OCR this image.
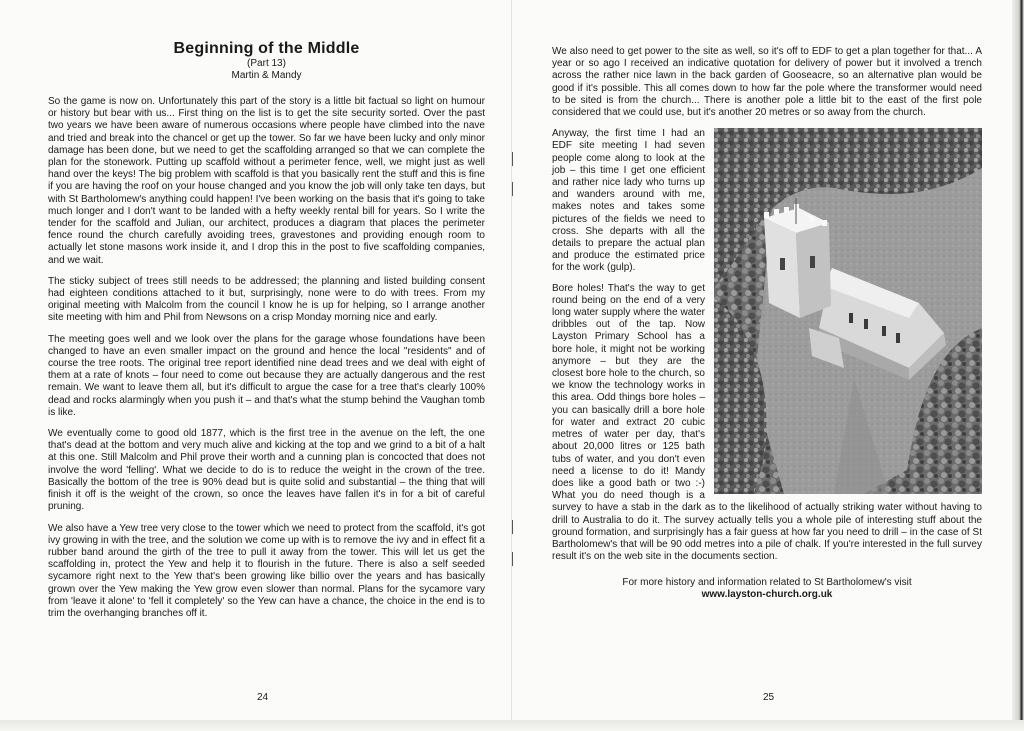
Beginning of the Middle
(Part 13)
Martin & Mandy

So the game is now on. Unfortunately this part of the story is a little bit factual so light on humour or history but bear with us... First thing on the list is to get the site security sorted. Over the past two years we have been aware of numerous occasions where people have climbed into the nave and tried and break into the chancel or get up the tower. So far we have been lucky and only minor damage has been done, but we need to get the scaffolding arranged so that we can complete the plan for the stonework. Putting up scaffold without a perimeter fence, well, we might just as well hand over the keys! The big problem with scaffold is that you basically rent the stuff and this is fine if you are having the roof on your house changed and you know the job will only take ten days, but with St Bartholomew's anything could happen! I've been working on the basis that it's going to take much longer and I don't want to be landed with a hefty weekly rental bill for years. So I write the tender for the scaffold and Julian, our architect, produces a diagram that places the perimeter fence round the church carefully avoiding trees, gravestones and providing enough room to actually let stone masons work inside it, and I drop this in the post to five scaffolding companies, and we wait.

The sticky subject of trees still needs to be addressed; the planning and listed building consent had eighteen conditions attached to it but, surprisingly, none were to do with trees. From my original meeting with Malcolm from the council I know he is up for helping, so I arrange another site meeting with him and Phil from Newsons on a crisp Monday morning nice and early.

The meeting goes well and we look over the plans for the garage whose foundations have been changed to have an even smaller impact on the ground and hence the local "residents" and of course the tree roots. The original tree report identified nine dead trees and we deal with eight of them at a rate of knots – four need to come out because they are actually dangerous and the rest remain. We want to leave them all, but it's difficult to argue the case for a tree that's clearly 100% dead and rocks alarmingly when you push it – and that's what the stump behind the Vaughan tomb is like.

We eventually come to good old 1877, which is the first tree in the avenue on the left, the one that's dead at the bottom and very much alive and kicking at the top and we grind to a bit of a halt at this one. Still Malcolm and Phil prove their worth and a cunning plan is concocted that does not involve the word 'felling'. What we decide to do is to reduce the weight in the crown of the tree. Basically the bottom of the tree is 90% dead but is quite solid and substantial – the thing that will finish it off is the weight of the crown, so once the leaves have fallen it's in for a bit of careful pruning.

We also have a Yew tree very close to the tower which we need to protect from the scaffold, it's got ivy growing in with the tree, and the solution we come up with is to remove the ivy and in effect fit a rubber band around the girth of the tree to pull it away from the tower. This will let us get the scaffolding in, protect the Yew and help it to flourish in the future. There is also a self seeded sycamore right next to the Yew that's been growing like billio over the years and has basically grown over the Yew making the Yew grow even slower than normal. Plans for the sycamore vary from 'leave it alone' to 'fell it completely' so the Yew can have a chance, the choice in the end is to trim the overhanging branches off it.

24

We also need to get power to the site as well, so it's off to EDF to get a plan together for that... A year or so ago I received an indicative quotation for delivery of power but it involved a trench across the rather nice lawn in the back garden of Gooseacre, so an alternative plan would be good if it's possible. This all comes down to how far the pole where the transformer would need to be sited is from the church... There is another pole a little bit to the east of the first pole considered that we could use, but it's another 20 metres or so away from the church.

Anyway, the first time I had an EDF site meeting I had seven people come along to look at the job – this time I get one efficient and rather nice lady who turns up and wanders around with me, makes notes and takes some pictures of the fields we need to cross. She departs with all the details to prepare the actual plan and produce the estimated price for the work (gulp).

Bore holes! That's the way to get round being on the end of a very long water supply where the water dribbles out of the tap. Now Layston Primary School has a bore hole, it might not be working anymore – but they are the closest bore hole to the church, so we know the technology works in this area. Odd things bore holes – you can basically drill a bore hole for water and extract 20 cubic metres of water per day, that's about 20,000 litres or 125 bath tubs of water, and you don't even need a license to do it! Mandy does like a good bath or two :-) What you do need though is a survey to have a stab in the dark as to the likelihood of actually striking water without having to drill to Australia to do it. The survey actually tells you a whole pile of interesting stuff about the ground formation, and surprisingly has a fair guess at how far you need to drill – in the case of St Bartholomew's that will be 90 odd metres into a pile of chalk. If you're interested in the full survey result it's on the web site in the documents section.

For more history and information related to St Bartholomew's visit
www.layston-church.org.uk
25
